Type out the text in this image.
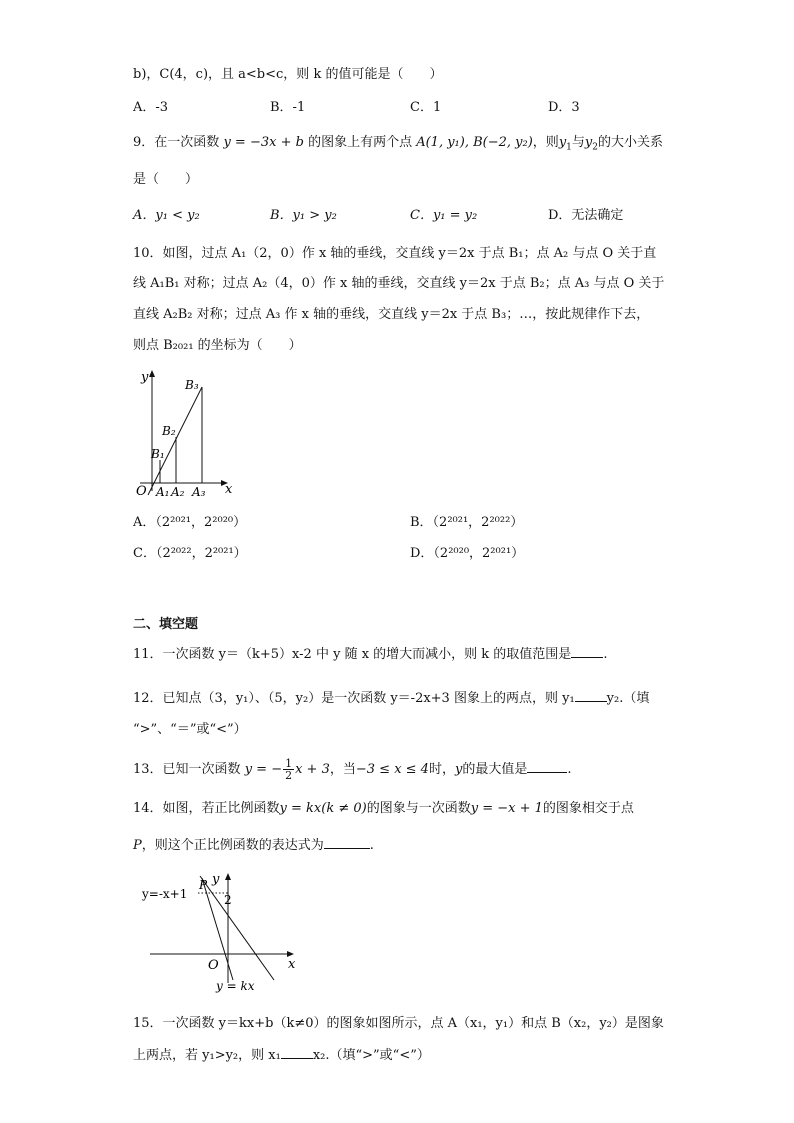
b)，C(4，c)，且 a<b<c，则 k 的值可能是（　　）
A．-3	B．-1	C．1	D．3
9．在一次函数 y = −3x + b 的图象上有两个点 A(1, y₁), B(−2, y₂)，则$y_1$与$y_2$的大小关系
是（　　）
A．y₁ < y₂	B．y₁ > y₂	C．y₁ = y₂	D．无法确定
10．如图，过点 A₁（2，0）作 x 轴的垂线，交直线 y＝2x 于点 B₁；点 A₂ 与点 O 关于直
线 A₁B₁ 对称；过点 A₂（4，0）作 x 轴的垂线，交直线 y＝2x 于点 B₂；点 A₃ 与点 O 关于
直线 A₂B₂ 对称；过点 A₃ 作 x 轴的垂线，交直线 y＝2x 于点 B₃；…，按此规律作下去，
则点 B₂₀₂₁ 的坐标为（　　）
y
x
O
B₁
B₂
B₃
A₁ A₂ A₃
A．（2²⁰²¹，2²⁰²⁰）	B．（2²⁰²¹，2²⁰²²）
C．（2²⁰²²，2²⁰²¹）	D．（2²⁰²⁰，2²⁰²¹）
二、填空题
11．一次函数 y＝（k+5）x-2 中 y 随 x 的增大而减小，则 k 的取值范围是 .
12．已知点（3，y₁）、（5，y₂）是一次函数 y＝-2x+3 图象上的两点，则 y₁ y₂.（填
“>”、“＝”或“<”）
13．已知一次函数 y = − $\frac{1}{2}$ x + 3，当−3 ≤ x ≤ 4时，y的最大值是	.
14．如图，若正比例函数y = kx(k ≠ 0)的图象与一次函数y = −x + 1的图象相交于点
P，则这个正比例函数的表达式为	.
y=-x+1
P y
2
O	x
y = kx
15．一次函数 y＝kx+b（k≠0）的图象如图所示，点 A（x₁，y₁）和点 B（x₂，y₂）是图象
上两点，若 y₁>y₂，则 x₁ x₂.（填“>”或“<”）
